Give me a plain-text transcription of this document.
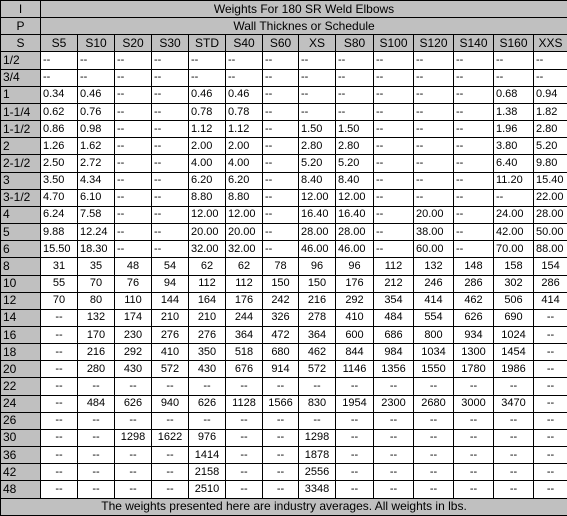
I	Weights For 180 SR Weld Elbows													
P	Wall Thicknes or Schedule													
S	S5	S10	S20	S30	STD	S40	S60	XS	S80	S100	S120	S140	S160	XXS
1/2	--	--	--	--	--	--	--	--	--	--	--	--	--	--
3/4	--	--	--	--	--	--	--	--	--	--	--	--	--	--
1	0.34	0.46	--	--	0.46	0.46	--	--	--	--	--	--	0.68	0.94
1-1/4	0.62	0.76	--	--	0.78	0.78	--	--	--	--	--	--	1.38	1.82
1-1/2	0.86	0.98	--	--	1.12	1.12	--	1.50	1.50	--	--	--	1.96	2.80
2	1.26	1.62	--	--	2.00	2.00	--	2.80	2.80	--	--	--	3.80	5.20
2-1/2	2.50	2.72	--	--	4.00	4.00	--	5.20	5.20	--	--	--	6.40	9.80
3	3.50	4.34	--	--	6.20	6.20	--	8.40	8.40	--	--	--	11.20	15.40
3-1/2	4.70	6.10	--	--	8.80	8.80	--	12.00	12.00	--	--	--	--	22.00
4	6.24	7.58	--	--	12.00	12.00	--	16.40	16.40	--	20.00	--	24.00	28.00
5	9.88	12.24	--	--	20.00	20.00	--	28.00	28.00	--	38.00	--	42.00	50.00
6	15.50	18.30	--	--	32.00	32.00	--	46.00	46.00	--	60.00	--	70.00	88.00
8	31	35	48	54	62	62	78	96	96	112	132	148	158	154
10	55	70	76	94	112	112	150	150	176	212	246	286	302	286
12	70	80	110	144	164	176	242	216	292	354	414	462	506	414
14	--	132	174	210	210	244	326	278	410	484	554	626	690	--
16	--	170	230	276	276	364	472	364	600	686	800	934	1024	--
18	--	216	292	410	350	518	680	462	844	984	1034	1300	1454	--
20	--	280	430	572	430	676	914	572	1146	1356	1550	1780	1986	--
22	--	--	--	--	--	--	--	--	--	--	--	--	--	--
24	--	484	626	940	626	1128	1566	830	1954	2300	2680	3000	3470	--
26	--	--	--	--	--	--	--	--	--	--	--	--	--	--
30	--	--	1298	1622	976	--	--	1298	--	--	--	--	--	--
36	--	--	--	--	1414	--	--	1878	--	--	--	--	--	--
42	--	--	--	--	2158	--	--	2556	--	--	--	--	--	--
48	--	--	--	--	2510	--	--	3348	--	--	--	--	--	--
The weights presented here are industry averages. All weights in lbs.														
